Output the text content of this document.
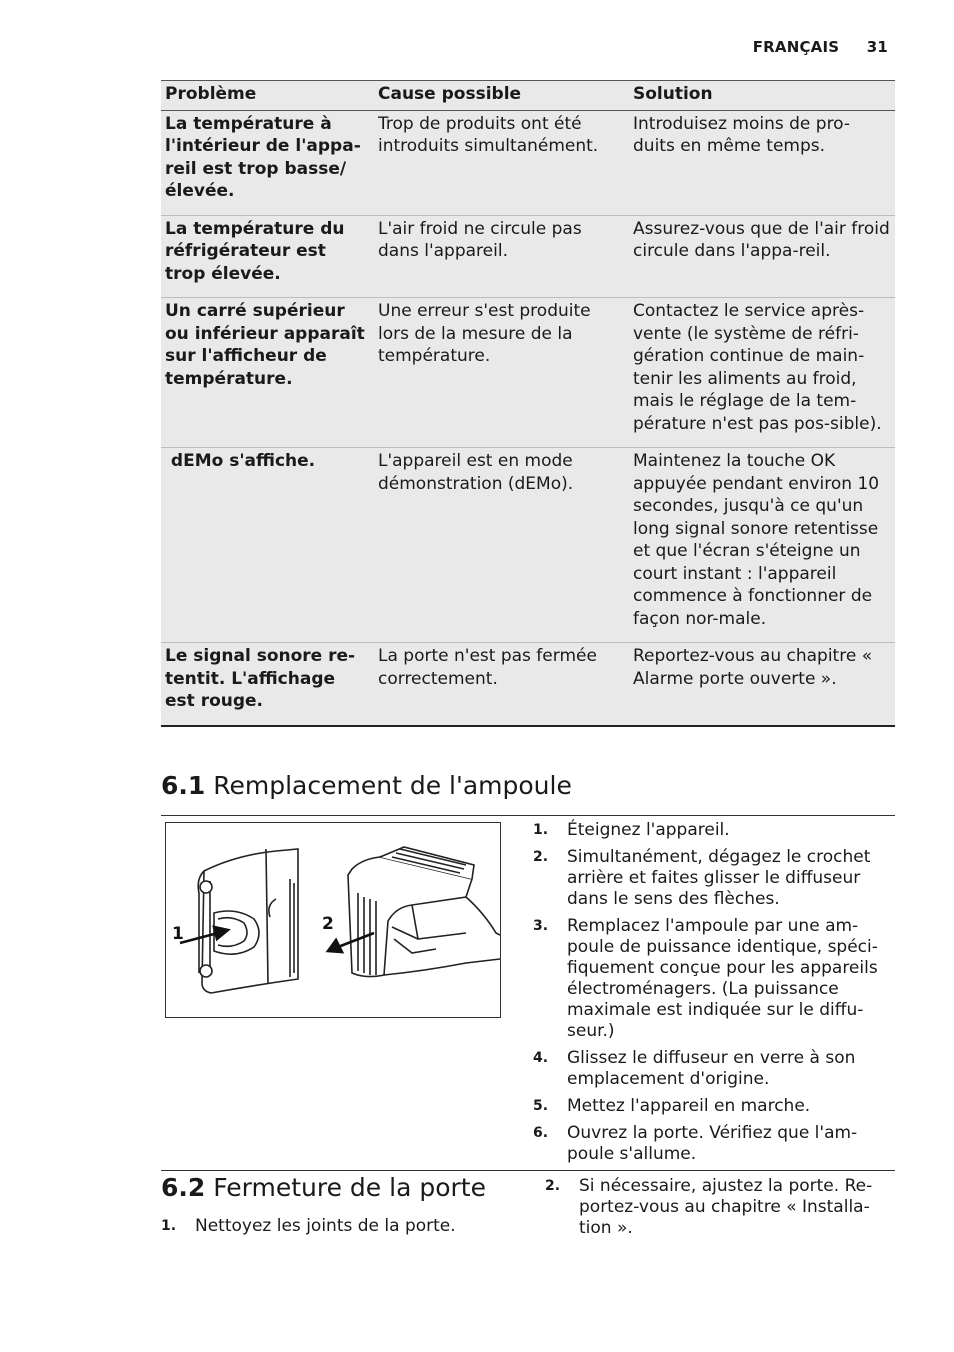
FRANÇAIS 31
Problème	Cause possible	Solution
La température à l'intérieur de l'appa-reil est trop basse/élevée.	Trop de produits ont été introduits simultanément.	Introduisez moins de pro-duits en même temps.
La température du réfrigérateur est trop élevée.	L'air froid ne circule pas dans l'appareil.	Assurez-vous que de l'air froid circule dans l'appa-reil.
Un carré supérieur ou inférieur apparaît sur l'afficheur de température.	Une erreur s'est produite lors de la mesure de la température.	Contactez le service après-vente (le système de réfri-gération continue de main-tenir les aliments au froid, mais le réglage de la tem-pérature n'est pas pos-sible).
dEMo s'affiche.	L'appareil est en mode démonstration (dEMo).	Maintenez la touche OK appuyée pendant environ 10 secondes, jusqu'à ce qu'un long signal sonore retentisse et que l'écran s'éteigne un court instant : l'appareil commence à fonctionner de façon nor-male.
Le signal sonore re-tentit. L'affichage est rouge.	La porte n'est pas fermée correctement.	Reportez-vous au chapitre « Alarme porte ouverte ».
6.1 Remplacement de l'ampoule
1	2
1. Éteignez l'appareil.
2. Simultanément, dégagez le crochet arrière et faites glisser le diffuseur dans le sens des flèches.
3. Remplacez l'ampoule par une am-poule de puissance identique, spéci-fiquement conçue pour les appareils électroménagers. (La puissance maximale est indiquée sur le diffu-seur.)
4. Glissez le diffuseur en verre à son emplacement d'origine.
5. Mettez l'appareil en marche.
6. Ouvrez la porte. Vérifiez que l'am-poule s'allume.
6.2 Fermeture de la porte
1. Nettoyez les joints de la porte.
2. Si nécessaire, ajustez la porte. Re-portez-vous au chapitre « Installa-tion ».
